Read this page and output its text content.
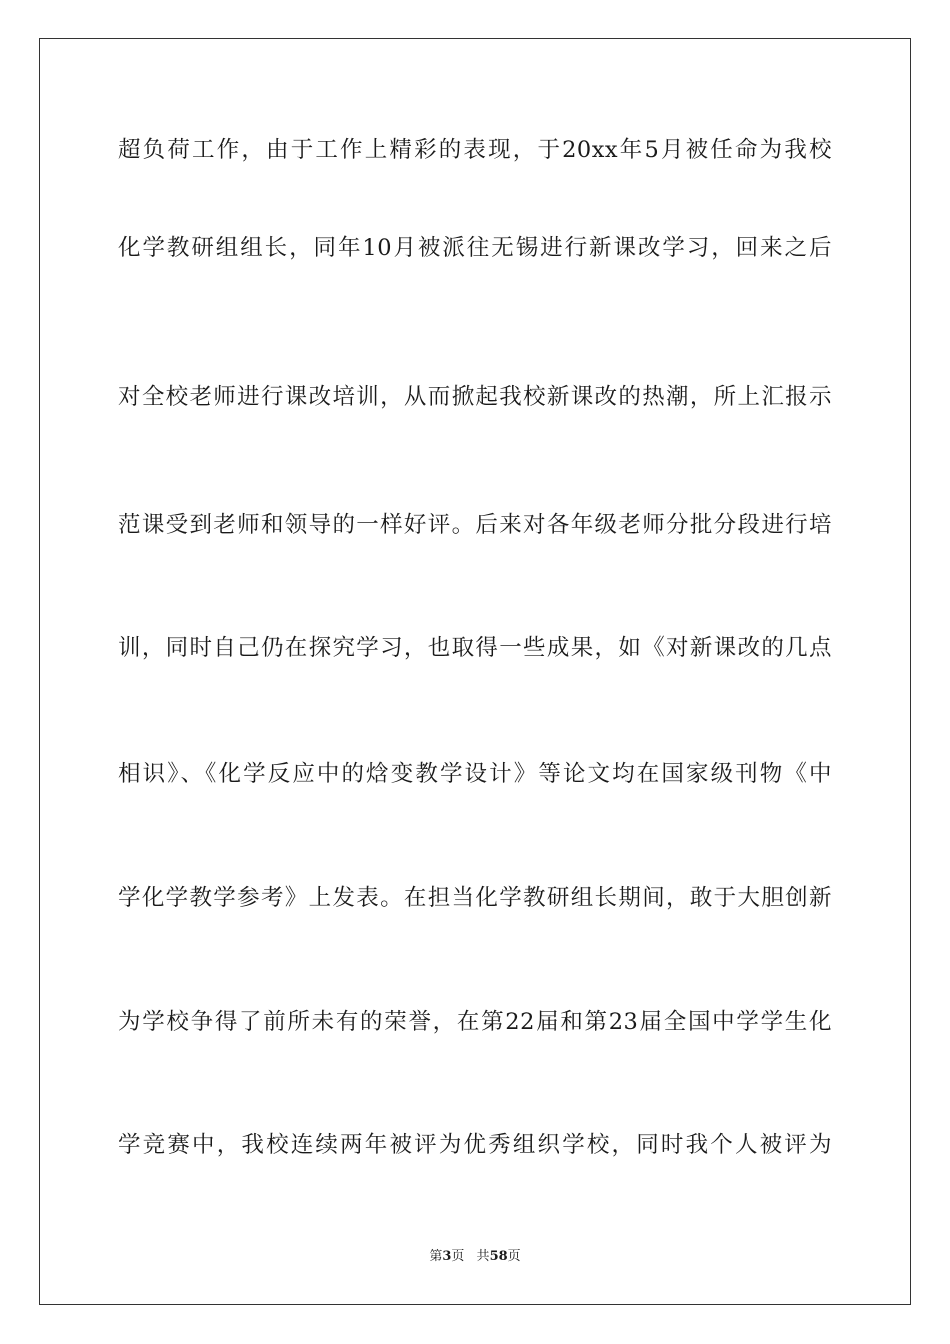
超负荷工作，由于工作上精彩的表现，于20xx年5月被任命为我校
化学教研组组长，同年10月被派往无锡进行新课改学习，回来之后
对全校老师进行课改培训，从而掀起我校新课改的热潮，所上汇报示
范课受到老师和领导的一样好评。后来对各年级老师分批分段进行培
训，同时自己仍在探究学习，也取得一些成果，如《对新课改的几点
相识》、《化学反应中的焓变教学设计》等论文均在国家级刊物《中
学化学教学参考》上发表。在担当化学教研组长期间，敢于大胆创新
为学校争得了前所未有的荣誉，在第22届和第23届全国中学学生化
学竞赛中，我校连续两年被评为优秀组织学校，同时我个人被评为
第3页 共58页
